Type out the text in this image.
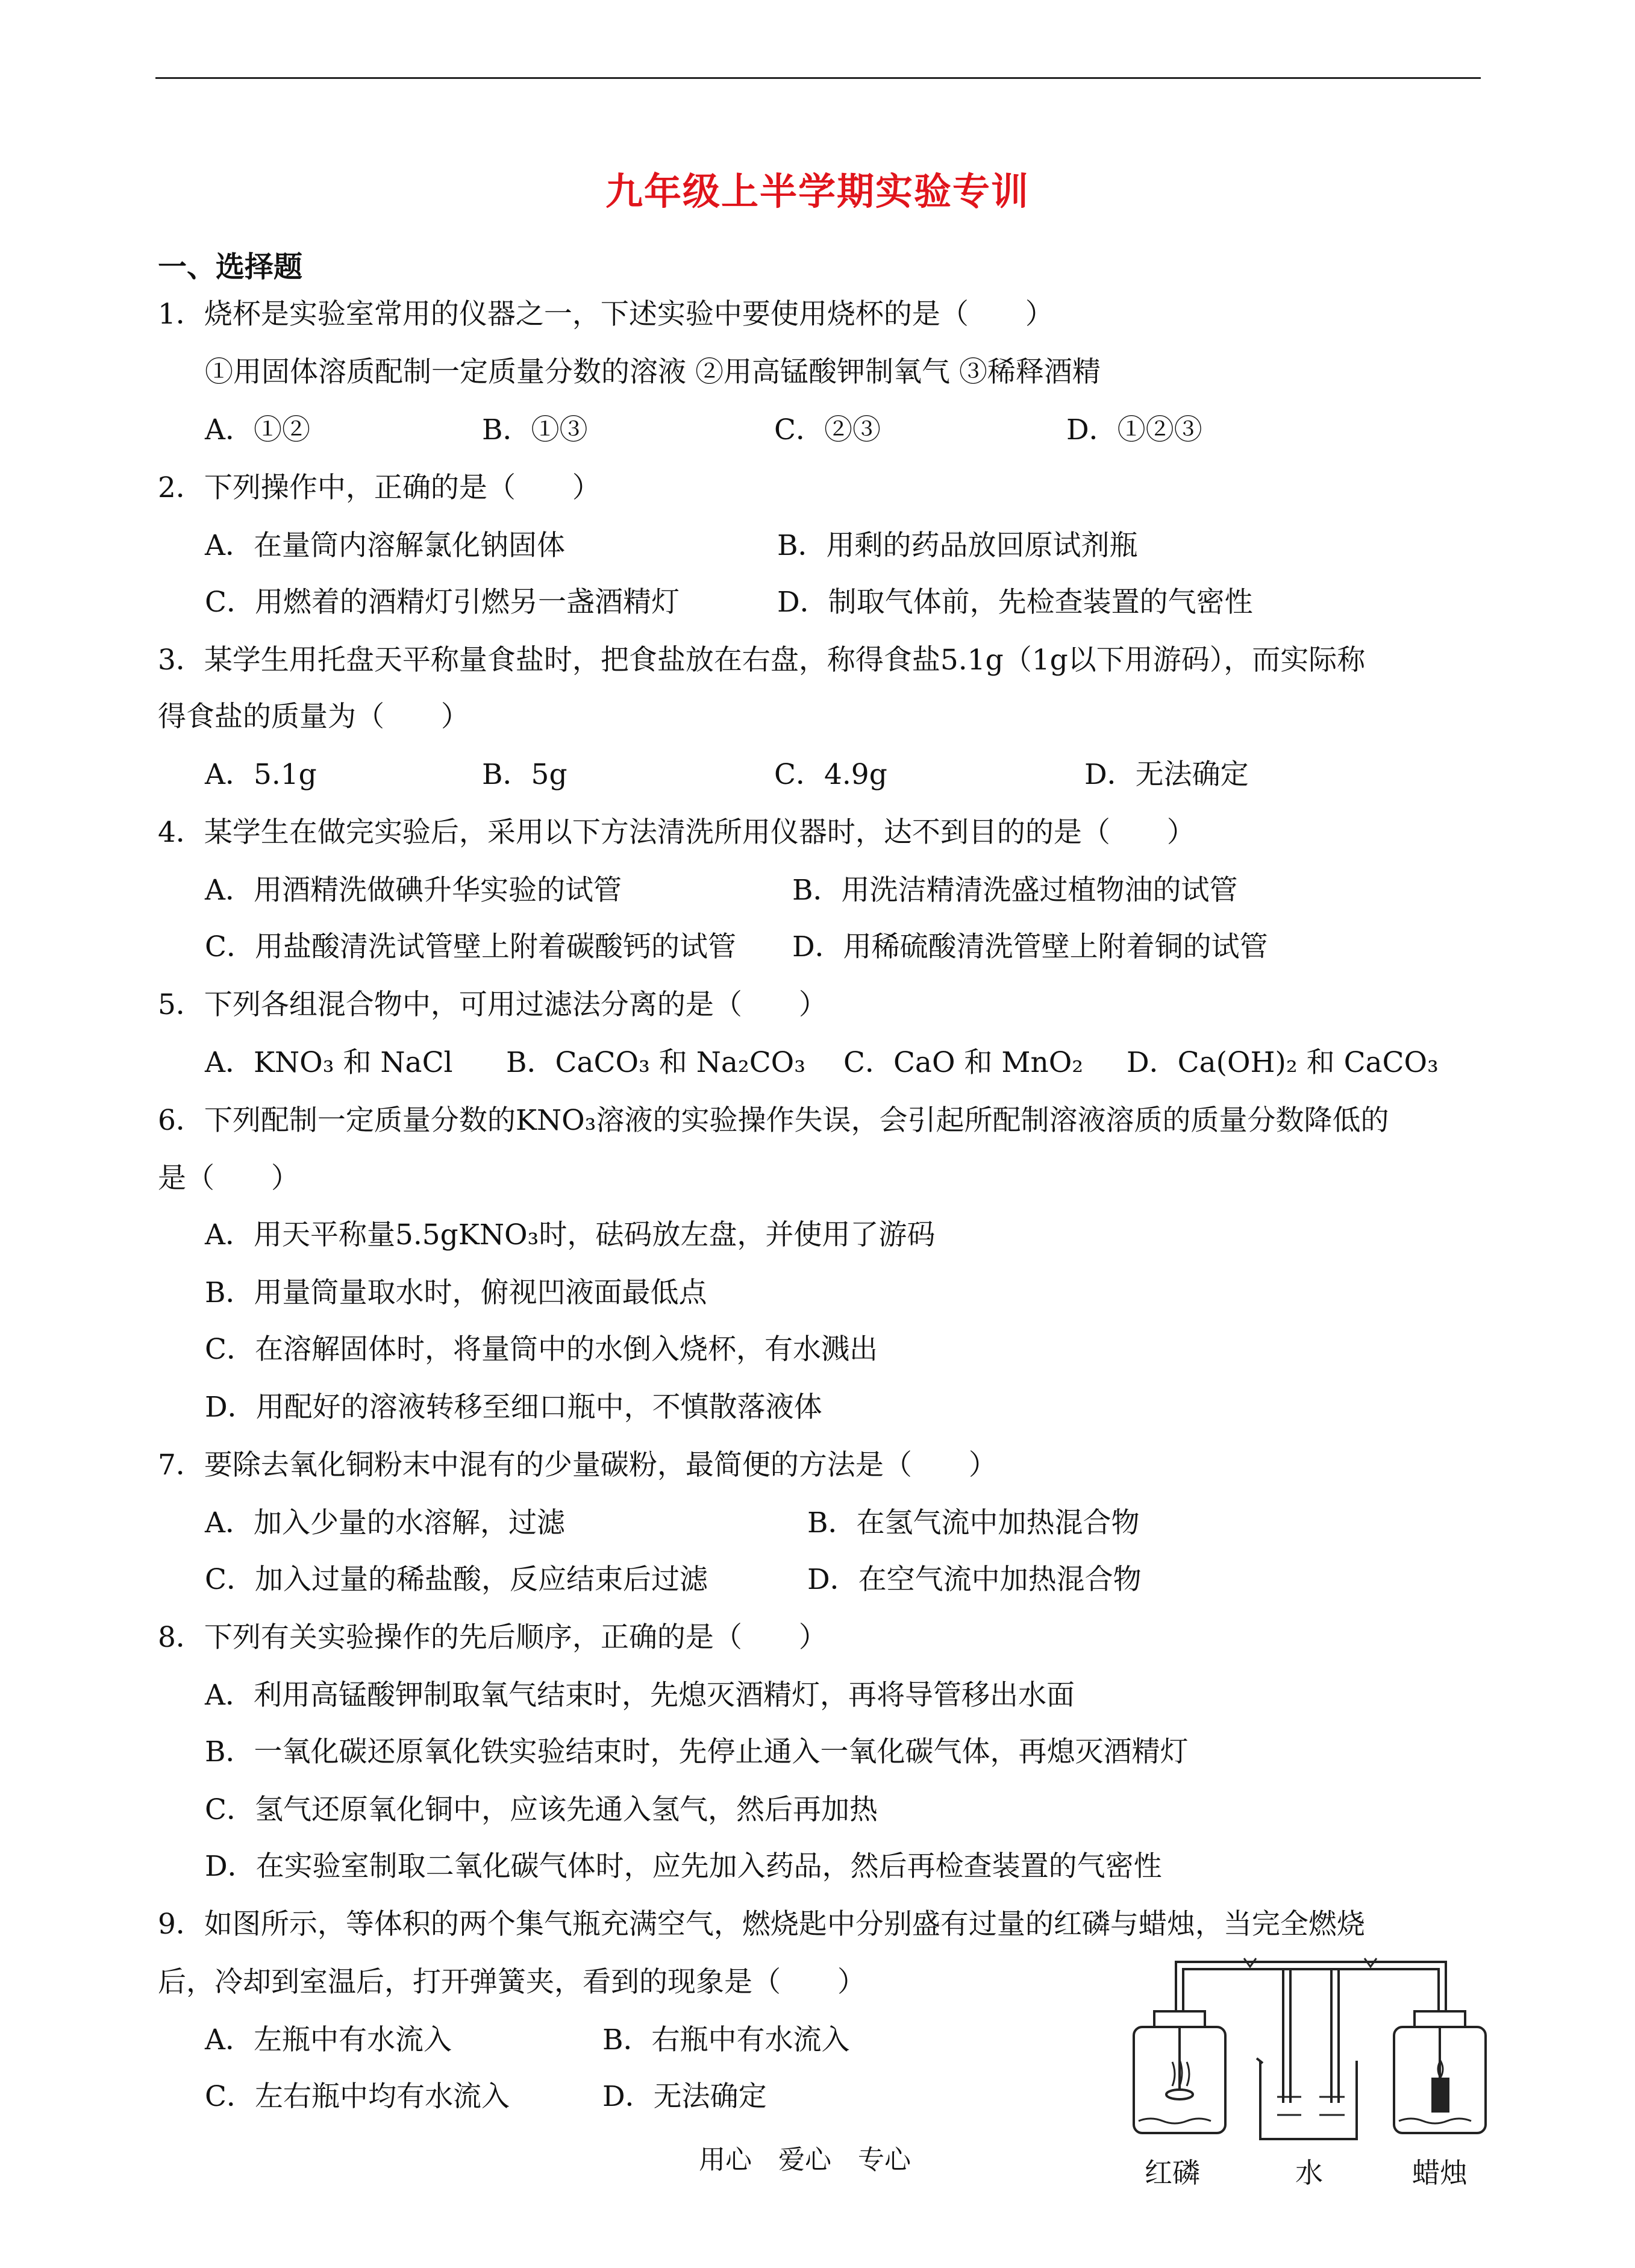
九年级上半学期实验专训
一、选择题
1．烧杯是实验室常用的仪器之一，下述实验中要使用烧杯的是（　　）
①用固体溶质配制一定质量分数的溶液 ②用高锰酸钾制氧气 ③稀释酒精
A．①②	B．①③	C．②③	D．①②③
2．下列操作中，正确的是（　　）
A．在量筒内溶解氯化钠固体	B．用剩的药品放回原试剂瓶
C．用燃着的酒精灯引燃另一盏酒精灯	D．制取气体前，先检查装置的气密性
3．某学生用托盘天平称量食盐时，把食盐放在右盘，称得食盐5.1g（1g以下用游码），而实际称
得食盐的质量为（　　）
A．5.1g	B．5g	C．4.9g	D．无法确定
4．某学生在做完实验后，采用以下方法清洗所用仪器时，达不到目的的是（　　）
A．用酒精洗做碘升华实验的试管	B．用洗洁精清洗盛过植物油的试管
C．用盐酸清洗试管壁上附着碳酸钙的试管 D．用稀硫酸清洗管壁上附着铜的试管
5．下列各组混合物中，可用过滤法分离的是（　　）
A．KNO₃ 和 NaCl B．CaCO₃ 和 Na₂CO₃ C．CaO 和 MnO₂ D．Ca(OH)₂ 和 CaCO₃
6．下列配制一定质量分数的KNO₃溶液的实验操作失误，会引起所配制溶液溶质的质量分数降低的
是（　　）
A．用天平称量5.5gKNO₃时，砝码放左盘，并使用了游码
B．用量筒量取水时，俯视凹液面最低点
C．在溶解固体时，将量筒中的水倒入烧杯，有水溅出
D．用配好的溶液转移至细口瓶中，不慎散落液体
7．要除去氧化铜粉末中混有的少量碳粉，最简便的方法是（　　）
A．加入少量的水溶解，过滤	B．在氢气流中加热混合物
C．加入过量的稀盐酸，反应结束后过滤	D．在空气流中加热混合物
8．下列有关实验操作的先后顺序，正确的是（　　）
A．利用高锰酸钾制取氧气结束时，先熄灭酒精灯，再将导管移出水面
B．一氧化碳还原氧化铁实验结束时，先停止通入一氧化碳气体，再熄灭酒精灯
C．氢气还原氧化铜中，应该先通入氢气，然后再加热
D．在实验室制取二氧化碳气体时，应先加入药品，然后再检查装置的气密性
9．如图所示，等体积的两个集气瓶充满空气，燃烧匙中分别盛有过量的红磷与蜡烛，当完全燃烧
后，冷却到室温后，打开弹簧夹，看到的现象是（　　）
A．左瓶中有水流入	B．右瓶中有水流入
C．左右瓶中均有水流入	D．无法确定
红磷	水	蜡烛
用心　爱心　专心
